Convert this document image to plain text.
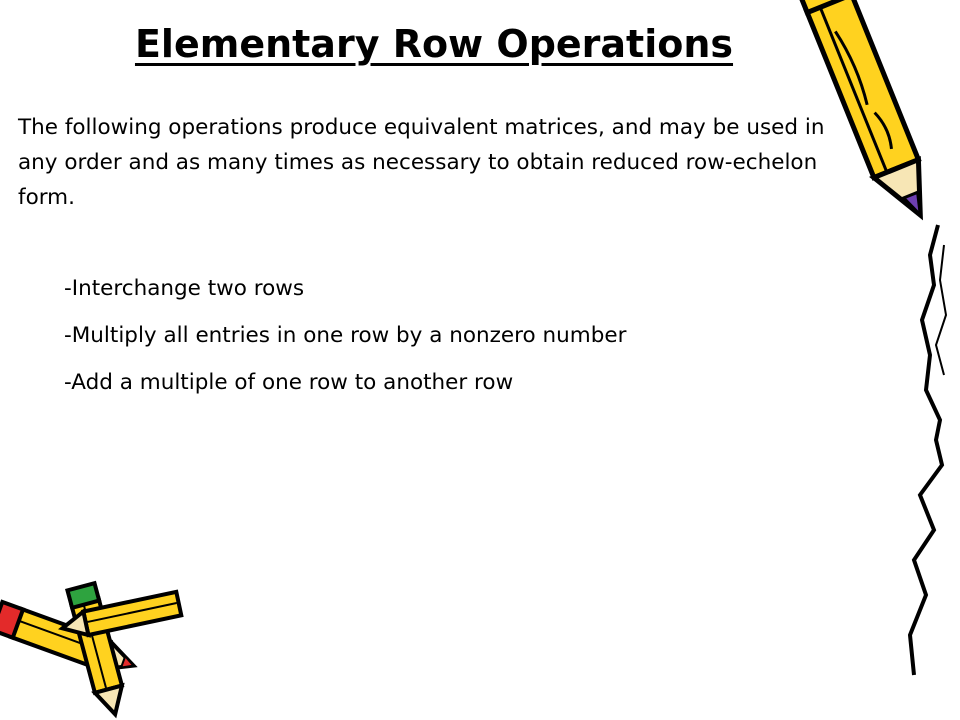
Elementary Row Operations

The following operations produce equivalent matrices, and may be used in any order and as many times as necessary to obtain reduced row-echelon form.

-Interchange two rows
-Multiply all entries in one row by a nonzero number
-Add a multiple of one row to another row
